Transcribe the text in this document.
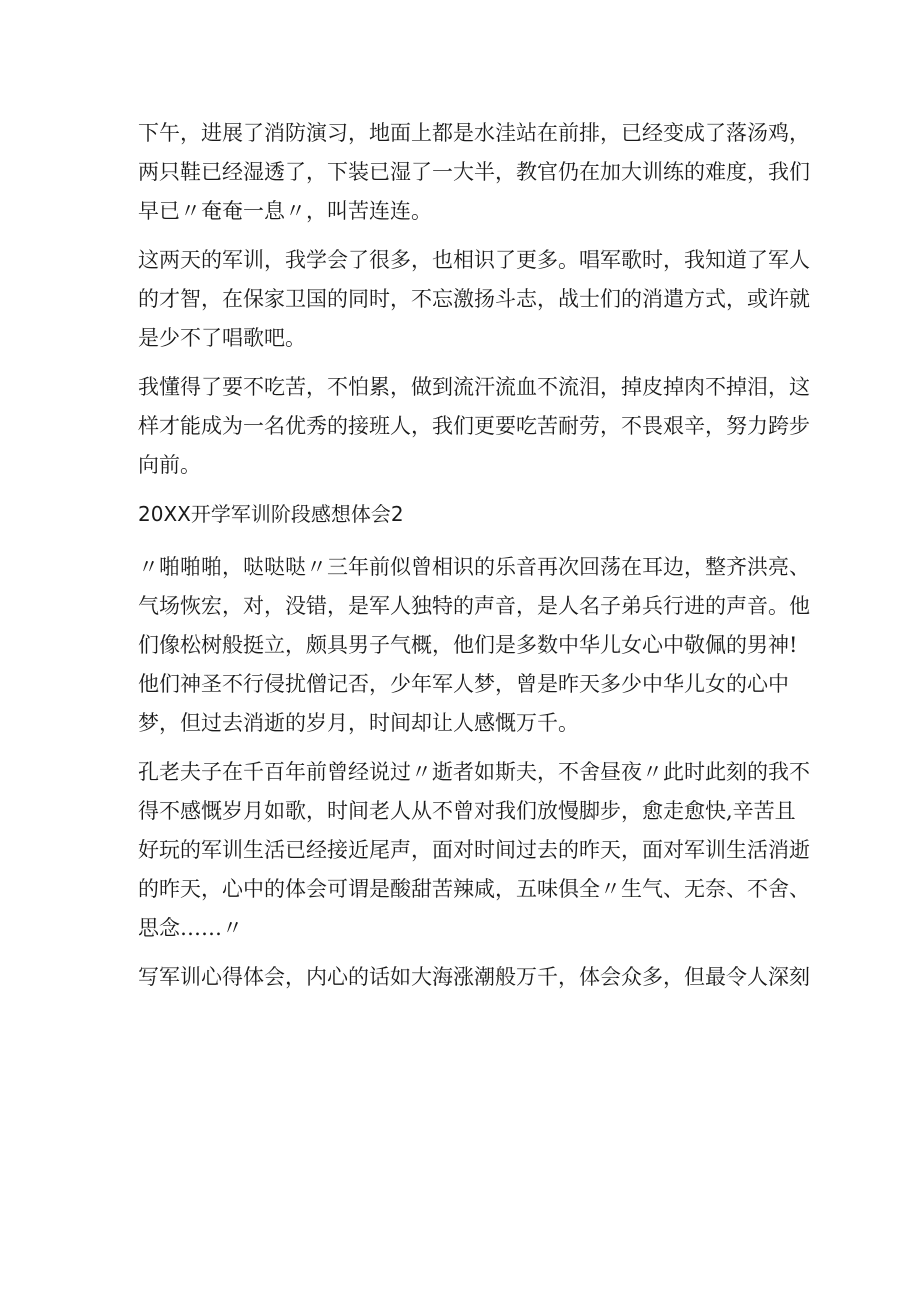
下午，进展了消防演习，地面上都是水洼站在前排，已经变成了落汤鸡，
两只鞋已经湿透了，下装已湿了一大半，教官仍在加大训练的难度，我们
早已〃奄奄一息〃，叫苦连连。
这两天的军训，我学会了很多，也相识了更多。唱军歌时，我知道了军人
的才智，在保家卫国的同时，不忘激扬斗志，战士们的消遣方式，或许就
是少不了唱歌吧。
我懂得了要不吃苦，不怕累，做到流汗流血不流泪，掉皮掉肉不掉泪，这
样才能成为一名优秀的接班人，我们更要吃苦耐劳，不畏艰辛，努力跨步
向前。
20XX开学军训阶段感想体会2
〃啪啪啪，哒哒哒〃三年前似曾相识的乐音再次回荡在耳边，整齐洪亮、
气场恢宏，对，没错，是军人独特的声音，是人名子弟兵行进的声音。他
们像松树般挺立，颇具男子气概，他们是多数中华儿女心中敬佩的男神!
他们神圣不行侵扰僧记否，少年军人梦，曾是昨天多少中华儿女的心中
梦，但过去消逝的岁月，时间却让人感慨万千。
孔老夫子在千百年前曾经说过〃逝者如斯夫，不舍昼夜〃此时此刻的我不
得不感慨岁月如歌，时间老人从不曾对我们放慢脚步，愈走愈快,辛苦且
好玩的军训生活已经接近尾声，面对时间过去的昨天，面对军训生活消逝
的昨天，心中的体会可谓是酸甜苦辣咸，五味俱全〃生气、无奈、不舍、
思念……〃
写军训心得体会，内心的话如大海涨潮般万千，体会众多，但最令人深刻
